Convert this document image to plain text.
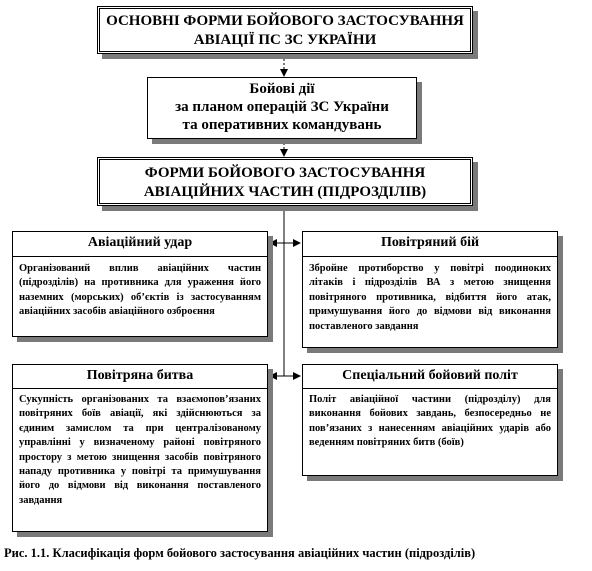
ОСНОВНІ ФОРМИ БОЙОВОГО ЗАСТОСУВАННЯ
АВІАЦІЇ ПС ЗС УКРАЇНИ
Бойові дії
за планом операцій ЗС України
та оперативних командувань
ФОРМИ БОЙОВОГО ЗАСТОСУВАННЯ
АВІАЦІЙНИХ ЧАСТИН (ПІДРОЗДІЛІВ)
Авіаційний удар
Організований вплив авіаційних частин (підрозділів) на противника для ураження його наземних (морських) об’єктів із застосуванням авіаційних засобів авіаційного озброєння
Повітряний бій
Збройне протиборство у повітрі поодиноких літаків і підрозділів ВА з метою знищення повітряного противника, відбиття його атак, примушування його до відмови від виконання поставленого завдання
Повітряна битва
Сукупність організованих та взаємопов’язаних повітряних боїв авіації, які здійснюються за єдиним замислом та при централізованому управлінні у визначеному районі повітряного простору з метою знищення засобів повітряного нападу противника у повітрі та примушування його до відмови від виконання поставленого завдання
Спеціальний бойовий політ
Політ авіаційної частини (підрозділу) для виконання бойових завдань, безпосередньо не пов’язаних з нанесенням авіаційних ударів або веденням повітряних битв (боїв)
Рис. 1.1. Класифікація форм бойового застосування авіаційних частин (підрозділів)
